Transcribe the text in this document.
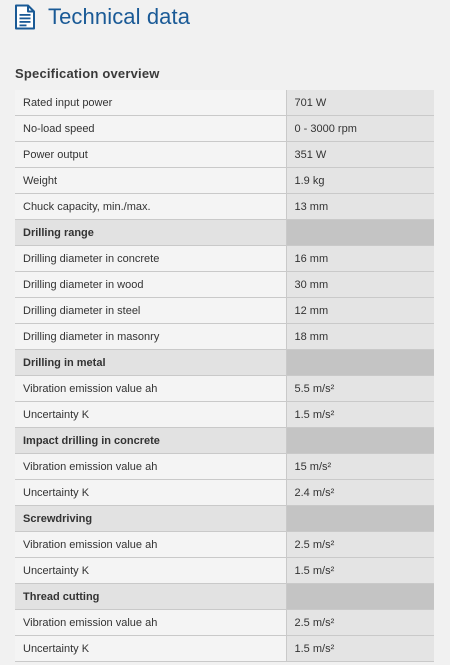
Technical data
Specification overview
Rated input power	701 W
No-load speed	0 - 3000 rpm
Power output	351 W
Weight	1.9 kg
Chuck capacity, min./max.	13 mm
Drilling range	
Drilling diameter in concrete	16 mm
Drilling diameter in wood	30 mm
Drilling diameter in steel	12 mm
Drilling diameter in masonry	18 mm
Drilling in metal	
Vibration emission value ah	5.5 m/s²
Uncertainty K	1.5 m/s²
Impact drilling in concrete	
Vibration emission value ah	15 m/s²
Uncertainty K	2.4 m/s²
Screwdriving	
Vibration emission value ah	2.5 m/s²
Uncertainty K	1.5 m/s²
Thread cutting	
Vibration emission value ah	2.5 m/s²
Uncertainty K	1.5 m/s²
